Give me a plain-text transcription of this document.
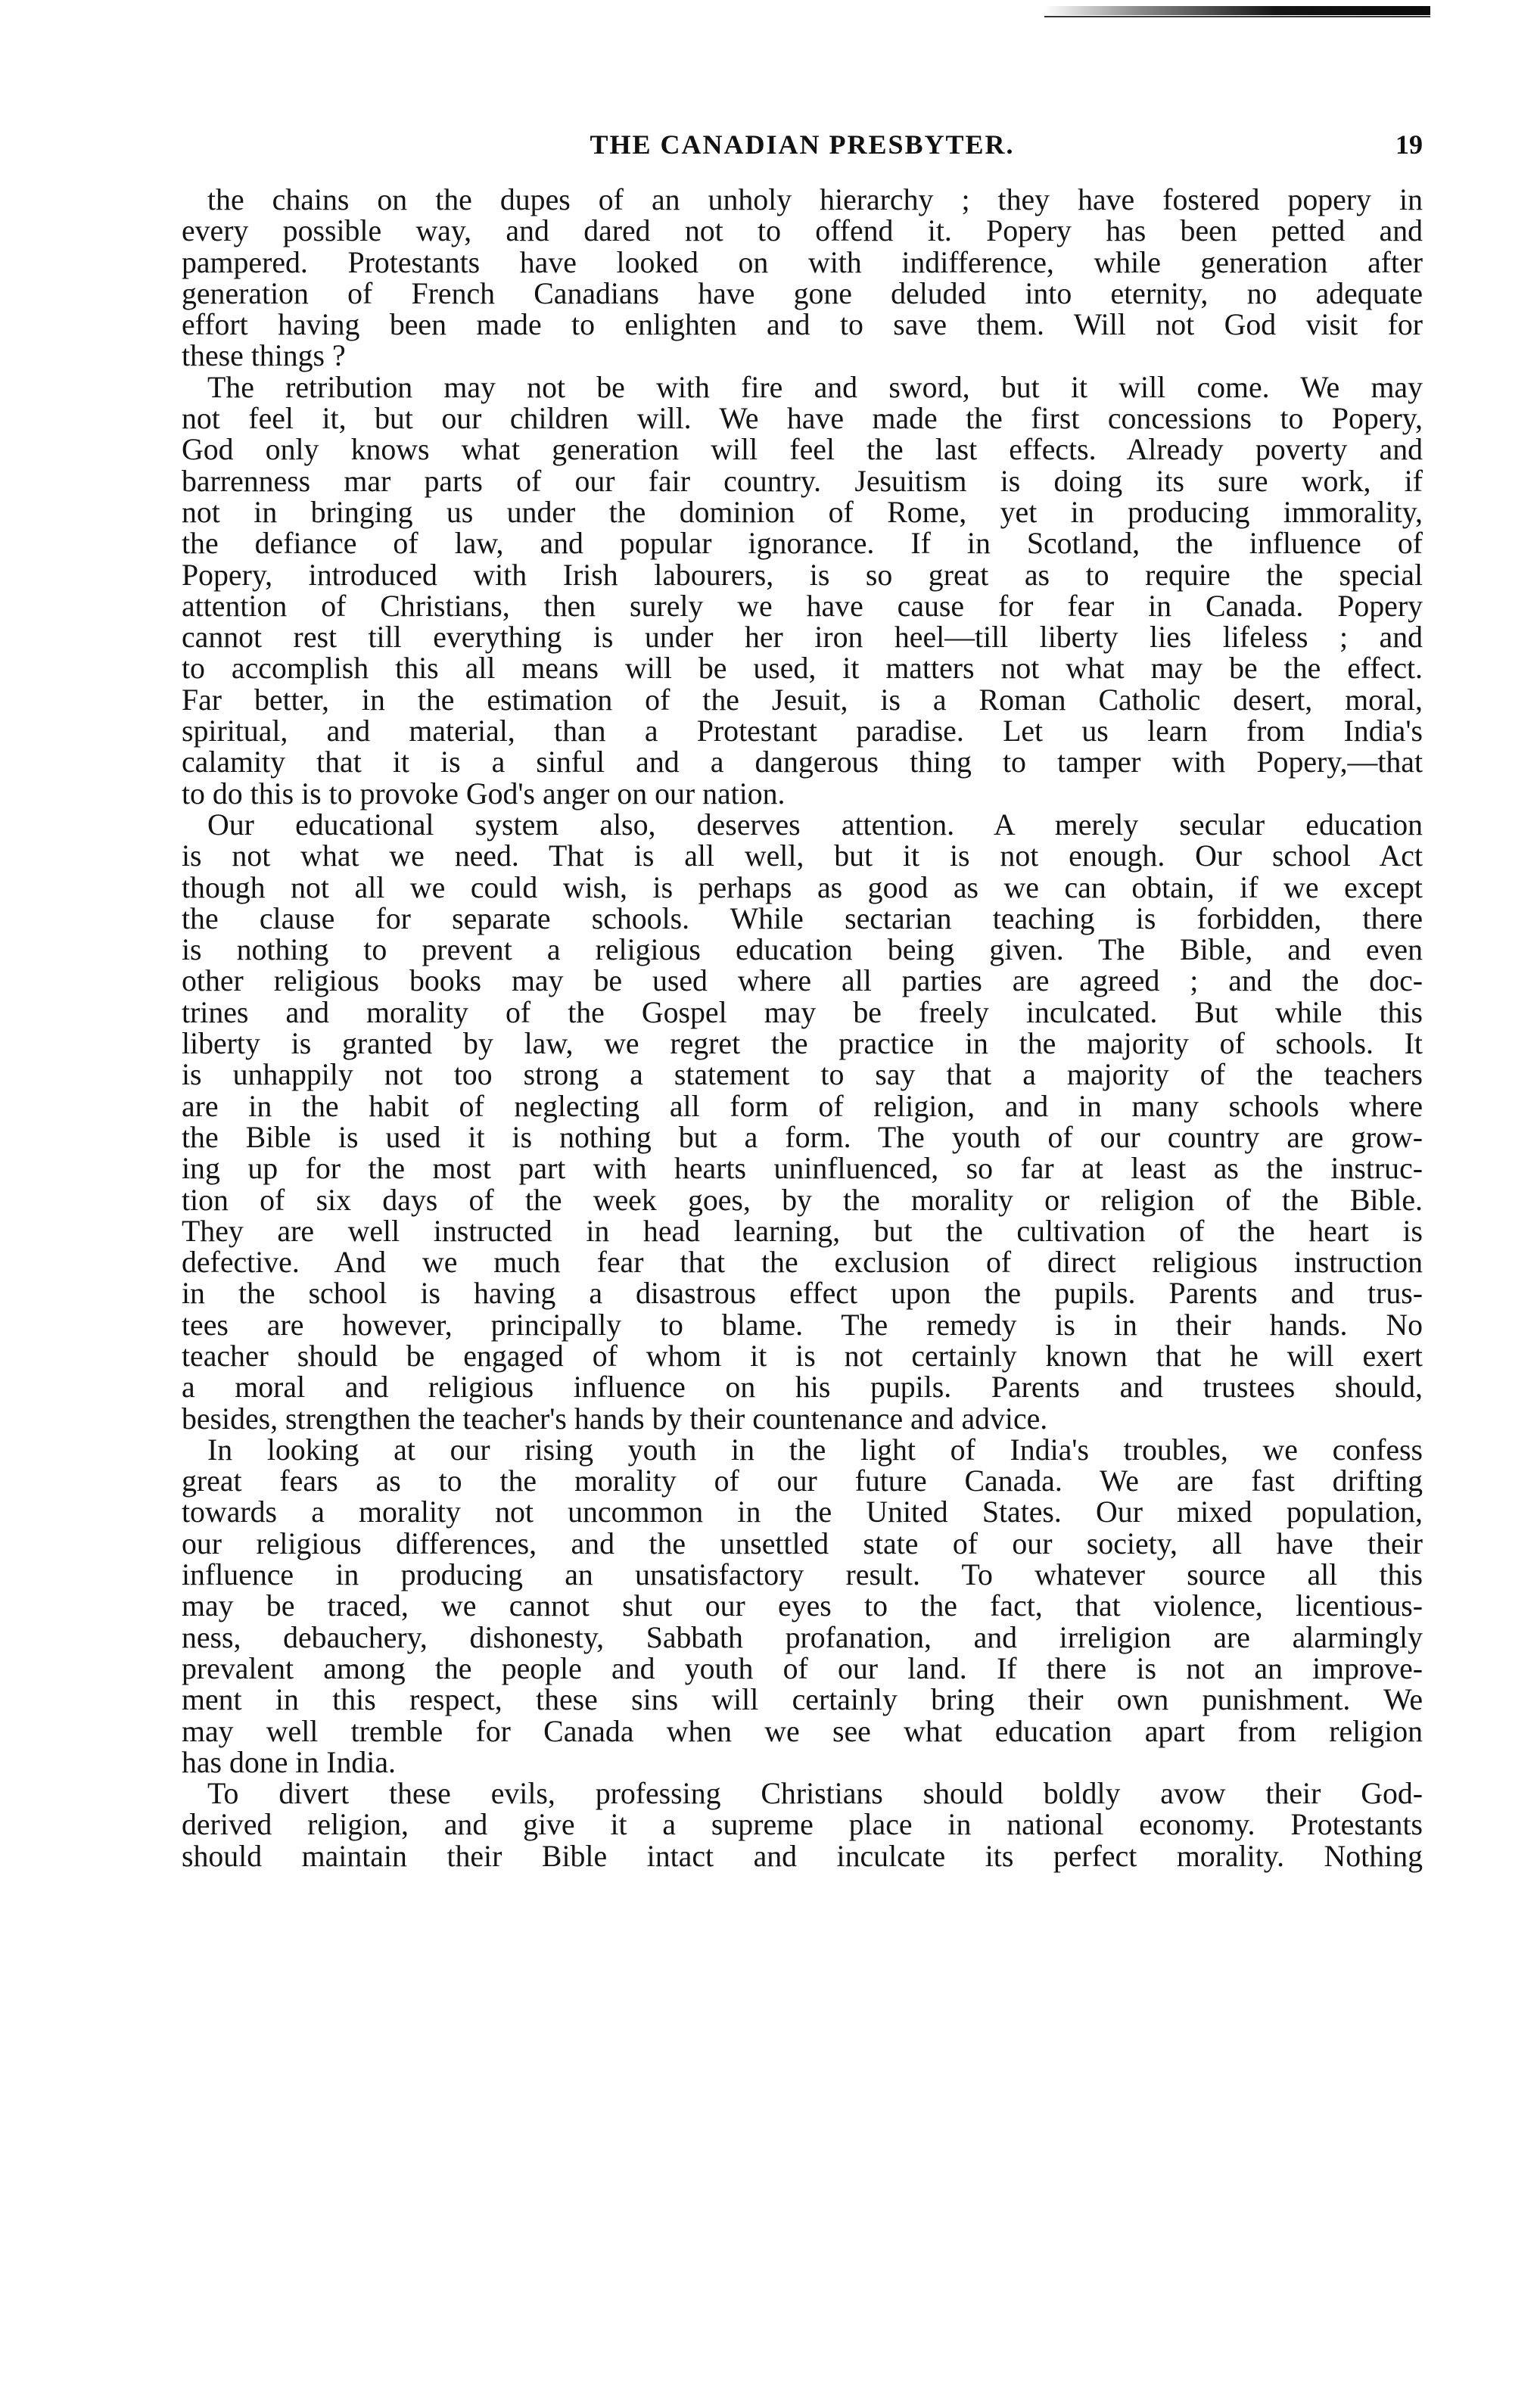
THE CANADIAN PRESBYTER.	19
the chains on the dupes of an unholy hierarchy ; they have fostered popery in
every possible way, and dared not to offend it. Popery has been petted and
pampered. Protestants have looked on with indifference, while generation after
generation of French Canadians have gone deluded into eternity, no adequate
effort having been made to enlighten and to save them. Will not God visit for
these things ?
The retribution may not be with fire and sword, but it will come. We may
not feel it, but our children will. We have made the first concessions to Popery,
God only knows what generation will feel the last effects. Already poverty and
barrenness mar parts of our fair country. Jesuitism is doing its sure work, if
not in bringing us under the dominion of Rome, yet in producing immorality,
the defiance of law, and popular ignorance. If in Scotland, the influence of
Popery, introduced with Irish labourers, is so great as to require the special
attention of Christians, then surely we have cause for fear in Canada. Popery
cannot rest till everything is under her iron heel—till liberty lies lifeless ; and
to accomplish this all means will be used, it matters not what may be the effect.
Far better, in the estimation of the Jesuit, is a Roman Catholic desert, moral,
spiritual, and material, than a Protestant paradise. Let us learn from India's
calamity that it is a sinful and a dangerous thing to tamper with Popery,—that
to do this is to provoke God's anger on our nation.
Our educational system also, deserves attention. A merely secular education
is not what we need. That is all well, but it is not enough. Our school Act
though not all we could wish, is perhaps as good as we can obtain, if we except
the clause for separate schools. While sectarian teaching is forbidden, there
is nothing to prevent a religious education being given. The Bible, and even
other religious books may be used where all parties are agreed ; and the doc-
trines and morality of the Gospel may be freely inculcated. But while this
liberty is granted by law, we regret the practice in the majority of schools. It
is unhappily not too strong a statement to say that a majority of the teachers
are in the habit of neglecting all form of religion, and in many schools where
the Bible is used it is nothing but a form. The youth of our country are grow-
ing up for the most part with hearts uninfluenced, so far at least as the instruc-
tion of six days of the week goes, by the morality or religion of the Bible.
They are well instructed in head learning, but the cultivation of the heart is
defective. And we much fear that the exclusion of direct religious instruction
in the school is having a disastrous effect upon the pupils. Parents and trus-
tees are however, principally to blame. The remedy is in their hands. No
teacher should be engaged of whom it is not certainly known that he will exert
a moral and religious influence on his pupils. Parents and trustees should,
besides, strengthen the teacher's hands by their countenance and advice.
In looking at our rising youth in the light of India's troubles, we confess
great fears as to the morality of our future Canada. We are fast drifting
towards a morality not uncommon in the United States. Our mixed population,
our religious differences, and the unsettled state of our society, all have their
influence in producing an unsatisfactory result. To whatever source all this
may be traced, we cannot shut our eyes to the fact, that violence, licentious-
ness, debauchery, dishonesty, Sabbath profanation, and irreligion are alarmingly
prevalent among the people and youth of our land. If there is not an improve-
ment in this respect, these sins will certainly bring their own punishment. We
may well tremble for Canada when we see what education apart from religion
has done in India.
To divert these evils, professing Christians should boldly avow their God-
derived religion, and give it a supreme place in national economy. Protestants
should maintain their Bible intact and inculcate its perfect morality. Nothing
